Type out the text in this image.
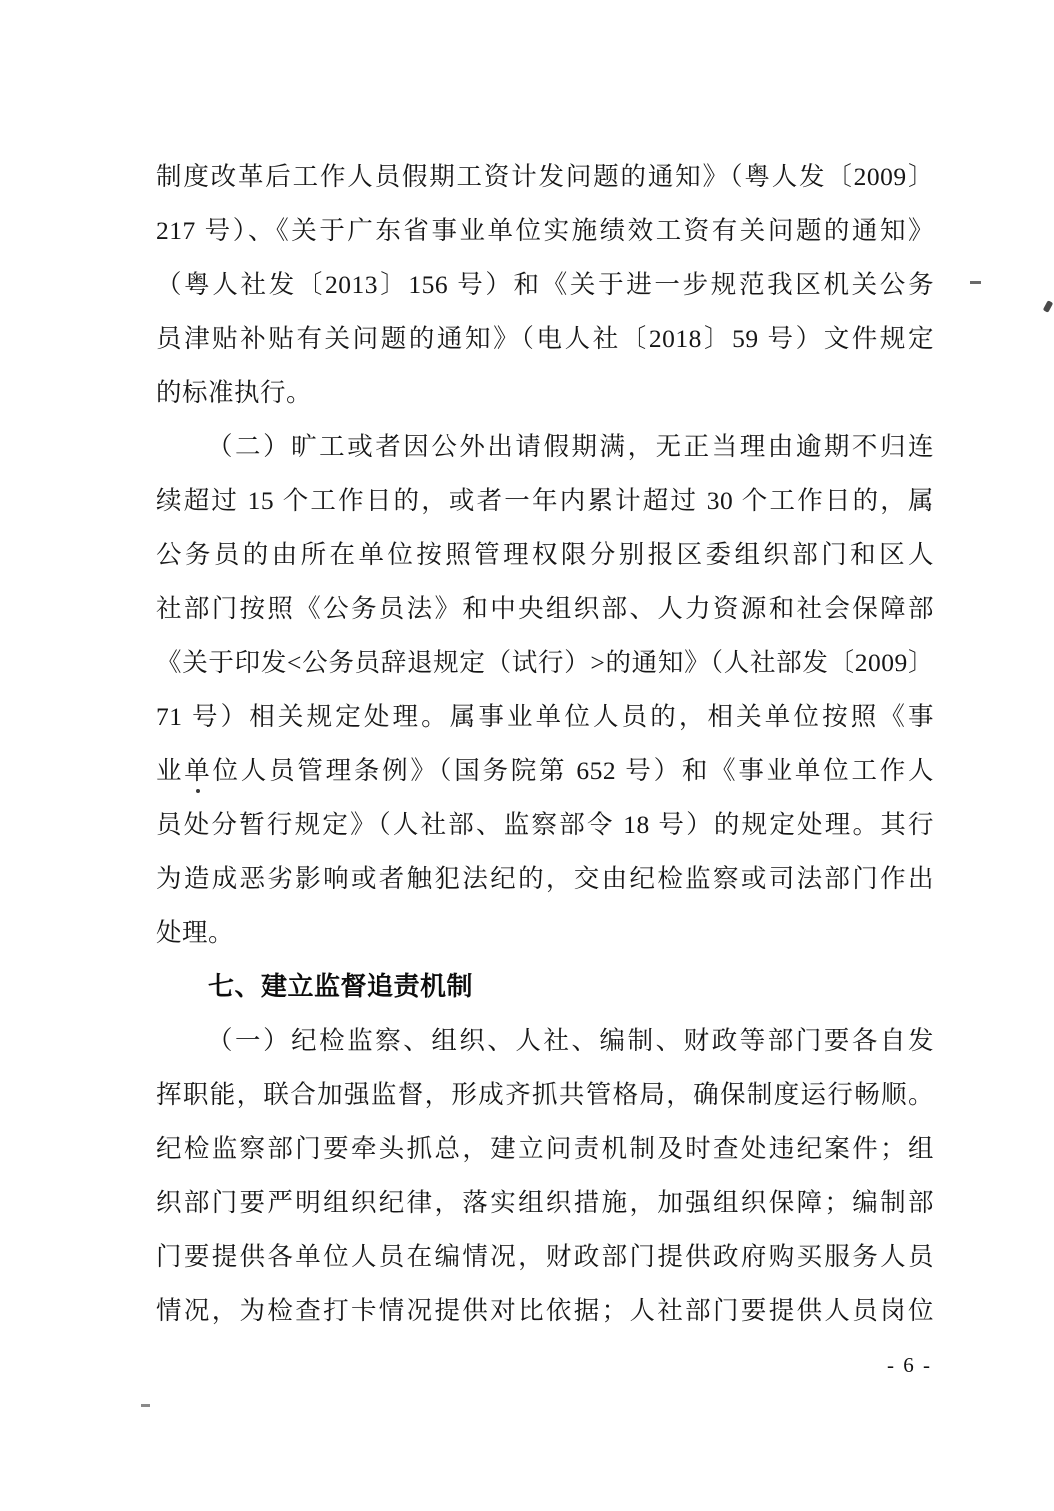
制度改革后工作人员假期工资计发问题的通知》（粤人发〔2009〕
217 号）、《关于广东省事业单位实施绩效工资有关问题的通知》
（粤人社发〔2013〕156 号）和《关于进一步规范我区机关公务
员津贴补贴有关问题的通知》（电人社〔2018〕59 号）文件规定
的标准执行。
（二）旷工或者因公外出请假期满，无正当理由逾期不归连
续超过 15 个工作日的，或者一年内累计超过 30 个工作日的，属
公务员的由所在单位按照管理权限分别报区委组织部门和区人
社部门按照《公务员法》和中央组织部、人力资源和社会保障部
《关于印发<公务员辞退规定（试行）>的通知》（人社部发〔2009〕
71 号）相关规定处理。属事业单位人员的，相关单位按照《事
业单位人员管理条例》（国务院第 652 号）和《事业单位工作人
员处分暂行规定》（人社部、监察部令 18 号）的规定处理。其行
为造成恶劣影响或者触犯法纪的，交由纪检监察或司法部门作出
处理。
七、建立监督追责机制
（一）纪检监察、组织、人社、编制、财政等部门要各自发
挥职能，联合加强监督，形成齐抓共管格局，确保制度运行畅顺。
纪检监察部门要牵头抓总，建立问责机制及时查处违纪案件；组
织部门要严明组织纪律，落实组织措施，加强组织保障；编制部
门要提供各单位人员在编情况，财政部门提供政府购买服务人员
情况，为检查打卡情况提供对比依据；人社部门要提供人员岗位
- 6 -
